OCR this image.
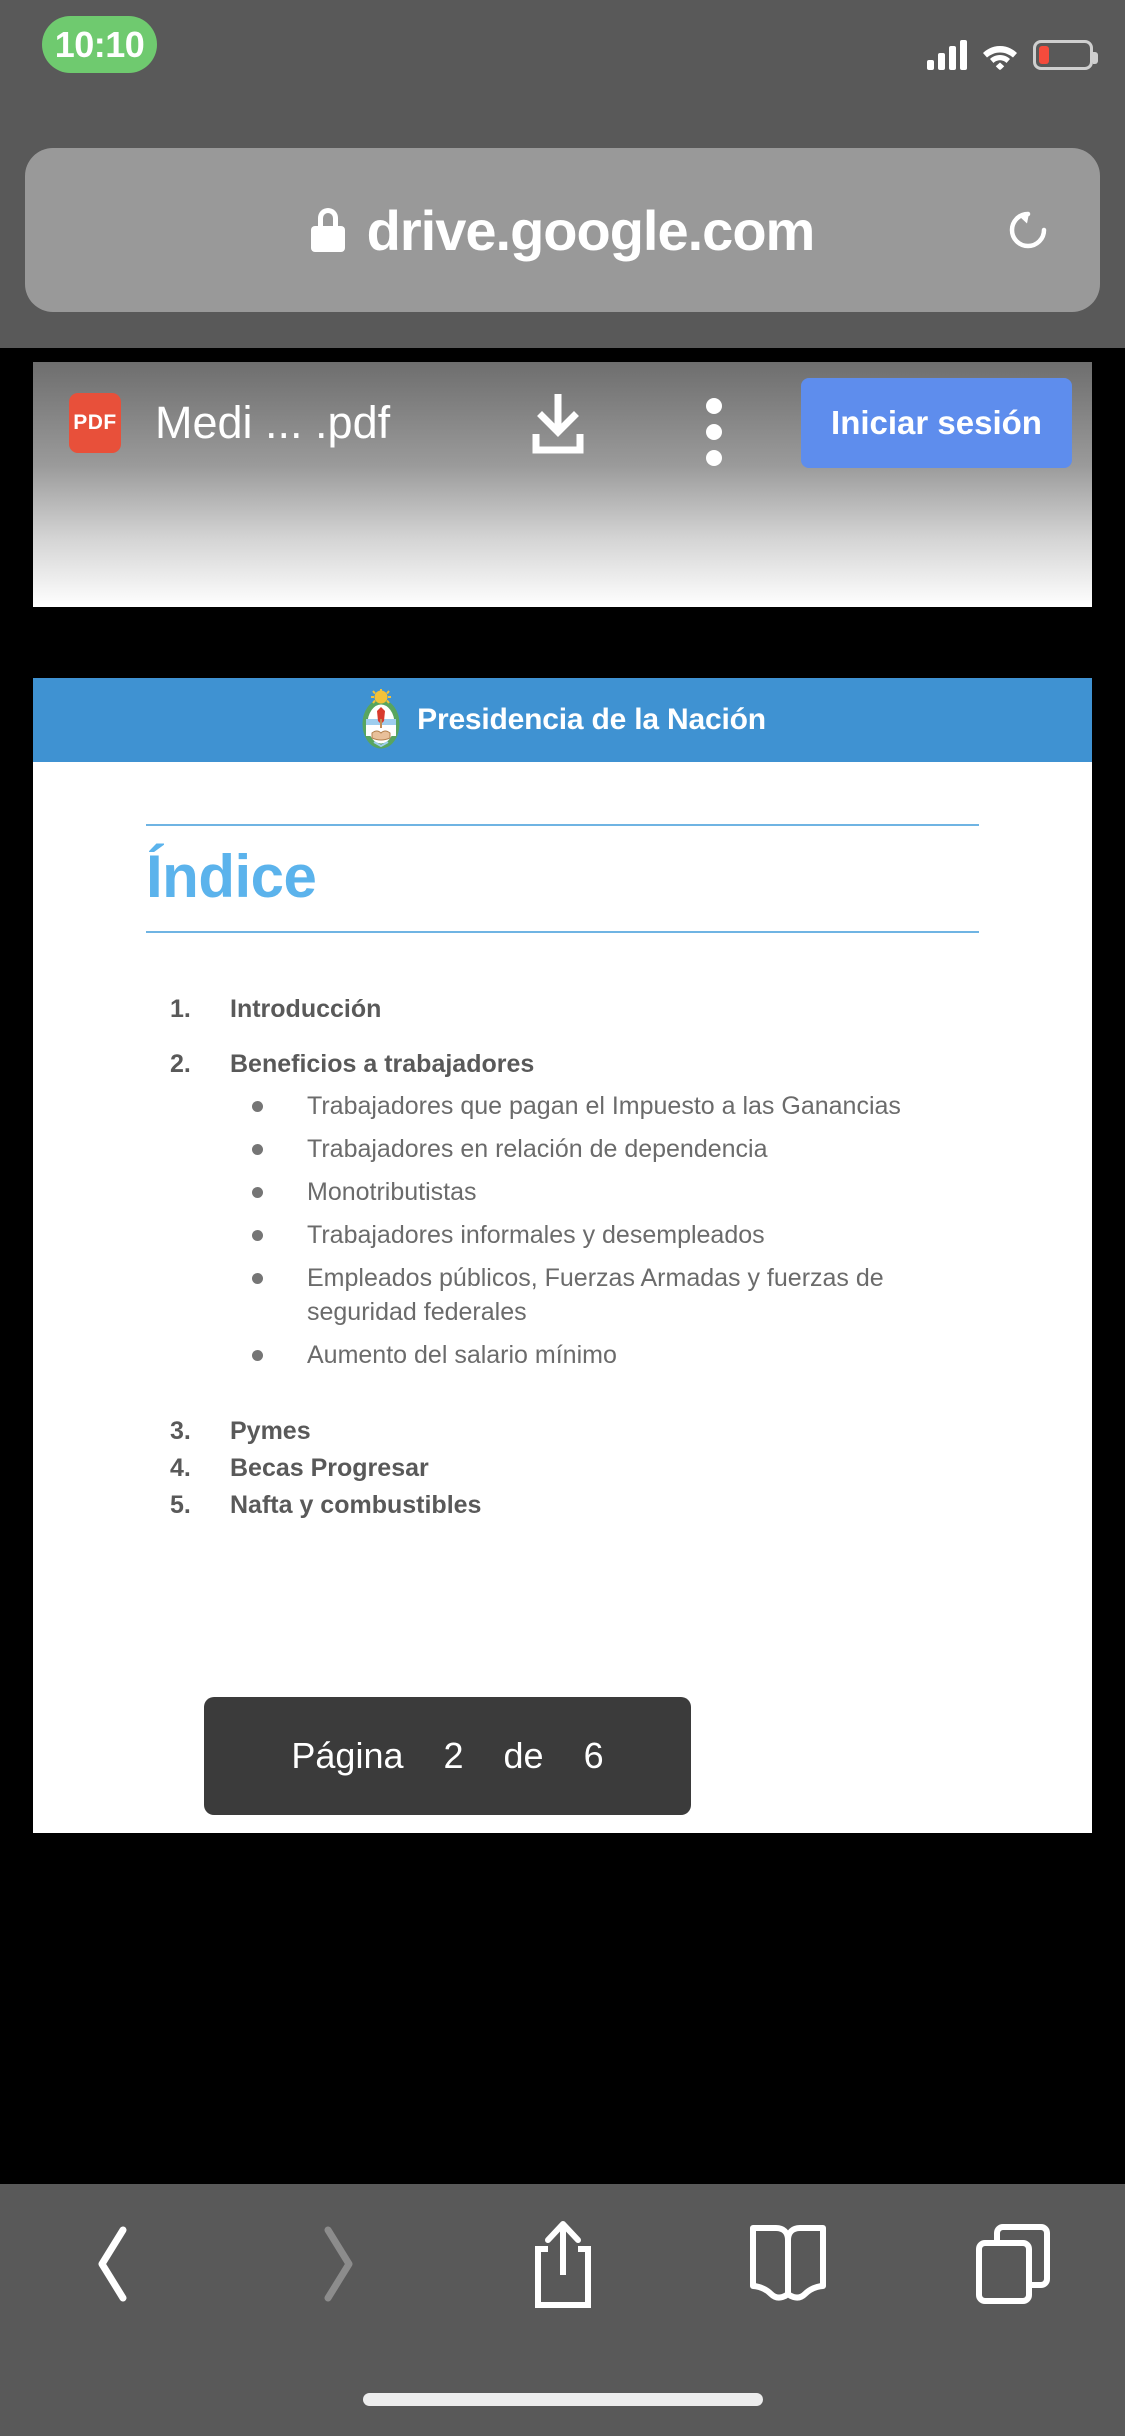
10:10
drive.google.com
PDF Medi ... .pdf	Iniciar sesión
Presidencia de la Nación
Índice
1.	Introducción
2.	Beneficios a trabajadores
Trabajadores que pagan el Impuesto a las Ganancias
Trabajadores en relación de dependencia
Monotributistas
Trabajadores informales y desempleados
Empleados públicos, Fuerzas Armadas y fuerzas de seguridad federales
Aumento del salario mínimo
3.	Pymes
4.	Becas Progresar
5.	Nafta y combustibles
Página 2 de 6
